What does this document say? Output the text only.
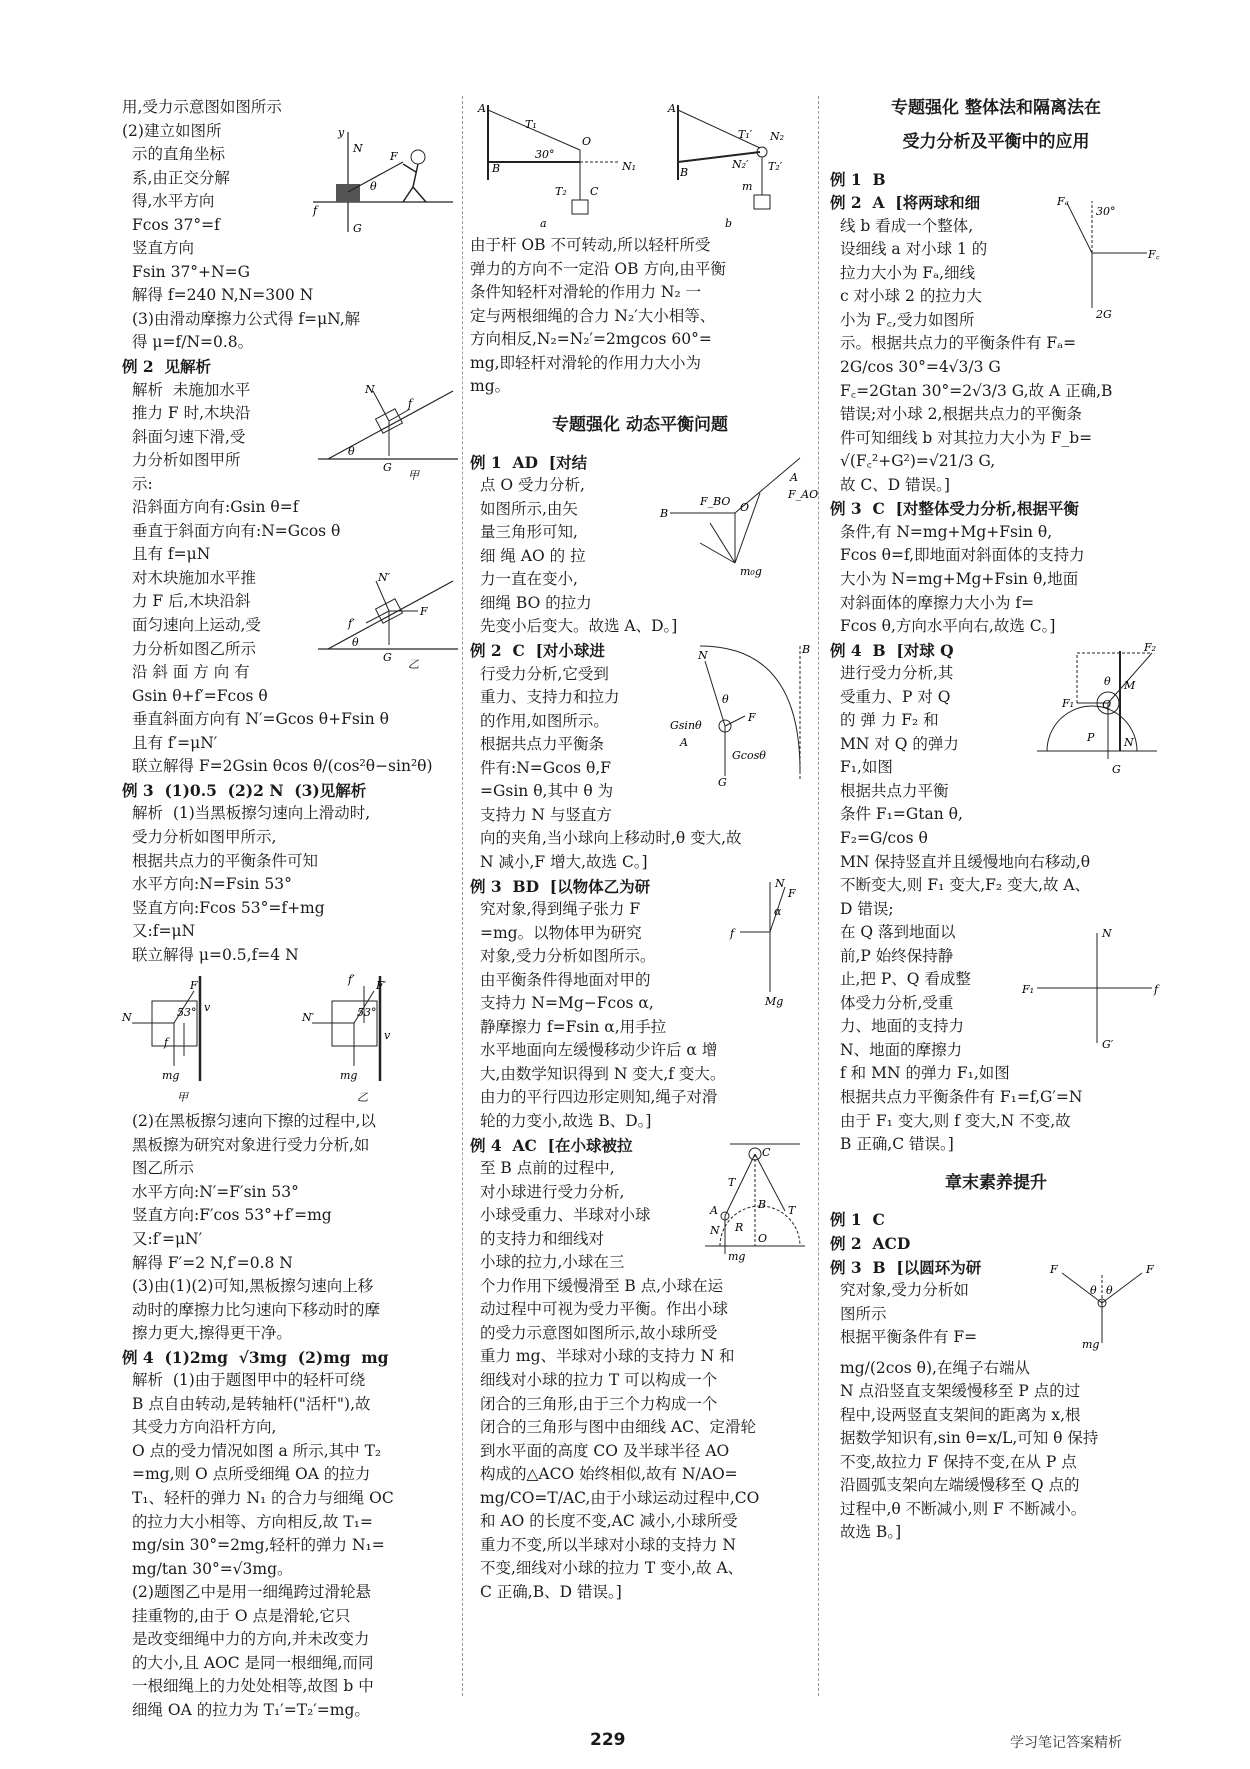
用,受力示意图如图所示

y
N
F
f
G
θ

(2)建立如图所

示的直角坐标

系,由正交分解

得,水平方向

Fcos 37°=f

竖直方向

Fsin 37°+N=G

解得 f=240 N,N=300 N

(3)由滑动摩擦力公式得 f=μN,解

得 μ=f/N=0.8。

例 2  见解析

N
f
G
θ
甲

解析  未施加水平

推力 F 时,木块沿

斜面匀速下滑,受

力分析如图甲所

示:

沿斜面方向有:Gsin θ=f

垂直于斜面方向有:N=Gcos θ

且有 f=μN

N′
F
f′
G
θ
乙

对木块施加水平推

力 F 后,木块沿斜

面匀速向上运动,受

力分析如图乙所示

沿 斜 面 方 向 有

Gsin θ+f′=Fcos θ

垂直斜面方向有 N′=Gcos θ+Fsin θ

且有 f′=μN′

联立解得 F=2Gsin θcos θ/(cos²θ−sin²θ)

例 3  (1)0.5  (2)2 N  (3)见解析

解析  (1)当黑板擦匀速向上滑动时,

受力分析如图甲所示,

根据共点力的平衡条件可知

水平方向:N=Fsin 53°

竖直方向:Fcos 53°=f+mg

又:f=μN

联立解得 μ=0.5,f=4 N

N
F
53° v
f
mg
甲
N′
F′
f′
53°
v
mg
乙

(2)在黑板擦匀速向下擦的过程中,以

黑板擦为研究对象进行受力分析,如

图乙所示

水平方向:N′=F′sin 53°

竖直方向:F′cos 53°+f′=mg

又:f′=μN′

解得 F′=2 N,f′=0.8 N

(3)由(1)(2)可知,黑板擦匀速向上移

动时的摩擦力比匀速向下移动时的摩

擦力更大,擦得更干净。

例 4  (1)2mg  √3mg  (2)mg  mg

解析  (1)由于题图甲中的轻杆可绕

B 点自由转动,是转轴杆("活杆"),故

其受力方向沿杆方向,

O 点的受力情况如图 a 所示,其中 T₂

=mg,则 O 点所受细绳 OA 的拉力

T₁、轻杆的弹力 N₁ 的合力与细绳 OC

的拉力大小相等、方向相反,故 T₁=

mg/sin 30°=2mg,轻杆的弹力 N₁=

mg/tan 30°=√3mg。

(2)题图乙中是用一细绳跨过滑轮悬

挂重物的,由于 O 点是滑轮,它只

是改变细绳中力的方向,并未改变力

的大小,且 AOC 是同一根细绳,而同

一根细绳上的力处处相等,故图 b 中

细绳 OA 的拉力为 T₁′=T₂′=mg。

A
B
O
C
T₁
T₂
N₁
30°
a
A
B
T₁′ N₂
N₂′ T₂′
m
b

由于杆 OB 不可转动,所以轻杆所受

弹力的方向不一定沿 OB 方向,由平衡

条件知轻杆对滑轮的作用力 N₂ 一

定与两根细绳的合力 N₂′大小相等、

方向相反,N₂=N₂′=2mgcos 60°=

mg,即轻杆对滑轮的作用力大小为

mg。

专题强化 动态平衡问题
A
F_AO
B
F_BO O
m₀g

例 1  AD  [对结

点 O 受力分析,

如图所示,由矢

量三角形可知,

细 绳 AO 的 拉

力一直在变小,

细绳 BO 的拉力

先变小后变大。故选 A、D。]

N	B
F
Gsinθ
Gcosθ
G
A
θ

例 2  C  [对小球进

行受力分析,它受到

重力、支持力和拉力

的作用,如图所示。

根据共点力平衡条

件有:N=Gcos θ,F

=Gsin θ,其中 θ 为

支持力 N 与竖直方

向的夹角,当小球向上移动时,θ 变大,故

N 减小,F 增大,故选 C。]

N
F
α
f
Mg

例 3  BD  [以物体乙为研

究对象,得到绳子张力 F

=mg。以物体甲为研究

对象,受力分析如图所示。

由平衡条件得地面对甲的

支持力 N=Mg−Fcos α,

静摩擦力 f=Fsin α,用手拉

水平地面向左缓慢移动少许后 α 增

大,由数学知识得到 N 变大,f 变大。

由力的平行四边形定则知,绳子对滑

轮的力变小,故选 B、D。]

C
T
T
B
A
R
O
N
mg

例 4  AC  [在小球被拉

至 B 点前的过程中,

对小球进行受力分析,

小球受重力、半球对小球

的支持力和细线对

小球的拉力,小球在三

个力作用下缓慢滑至 B 点,小球在运

动过程中可视为受力平衡。作出小球

的受力示意图如图所示,故小球所受

重力 mg、半球对小球的支持力 N 和

细线对小球的拉力 T 可以构成一个

闭合的三角形,由于三个力构成一个

闭合的三角形与图中由细线 AC、定滑轮

到水平面的高度 CO 及半球半径 AO

构成的△ACO 始终相似,故有 N/AO=

mg/CO=T/AC,由于小球运动过程中,CO

和 AO 的长度不变,AC 减小,小球所受

重力不变,所以半球对小球的支持力 N

不变,细线对小球的拉力 T 变小,故 A、

C 正确,B、D 错误。]

专题强化 整体法和隔离法在
受力分析及平衡中的应用

例 1  B

Fₐ
30°
F꜀
2G

例 2  A  [将两球和细

线 b 看成一个整体,

设细线 a 对小球 1 的

拉力大小为 Fₐ,细线

c 对小球 2 的拉力大

小为 F꜀,受力如图所

示。根据共点力的平衡条件有 Fₐ=

2G/cos 30°=4√3/3 G

F꜀=2Gtan 30°=2√3/3 G,故 A 正确,B

错误;对小球 2,根据共点力的平衡条

件可知细线 b 对其拉力大小为 F_b=

√(F꜀²+G²)=√21/3 G,

故 C、D 错误。]

例 3  C  [对整体受力分析,根据平衡

条件,有 N=mg+Mg+Fsin θ,

Fcos θ=f,即地面对斜面体的支持力

大小为 N=mg+Mg+Fsin θ,地面

对斜面体的摩擦力大小为 f=

Fcos θ,方向水平向右,故选 C。]

F₁
F₂
M
θ
P
Q
N
G

例 4  B  [对球 Q

进行受力分析,其

受重力、P 对 Q

的 弹 力 F₂ 和

MN 对 Q 的弹力

F₁,如图

根据共点力平衡

条件 F₁=Gtan θ,

F₂=G/cos θ

MN 保持竖直并且缓慢地向右移动,θ

不断变大,则 F₁ 变大,F₂ 变大,故 A、

D 错误;

N
F₁	f
G′

在 Q 落到地面以

前,P 始终保持静

止,把 P、Q 看成整

体受力分析,受重

力、地面的支持力

N、地面的摩擦力

f 和 MN 的弹力 F₁,如图

根据共点力平衡条件有 F₁=f,G′=N

由于 F₁ 变大,则 f 变大,N 不变,故

B 正确,C 错误。]

章末素养提升

例 1  C

例 2  ACD

F	F
θ θ
mg

例 3  B  [以圆环为研

究对象,受力分析如

图所示

根据平衡条件有 F=

mg/(2cos θ),在绳子右端从

N 点沿竖直支架缓慢移至 P 点的过

程中,设两竖直支架间的距离为 x,根

据数学知识有,sin θ=x/L,可知 θ 保持

不变,故拉力 F 保持不变,在从 P 点

沿圆弧支架向左端缓慢移至 Q 点的

过程中,θ 不断减小,则 F 不断减小。

故选 B。]

229	学习笔记答案精析
